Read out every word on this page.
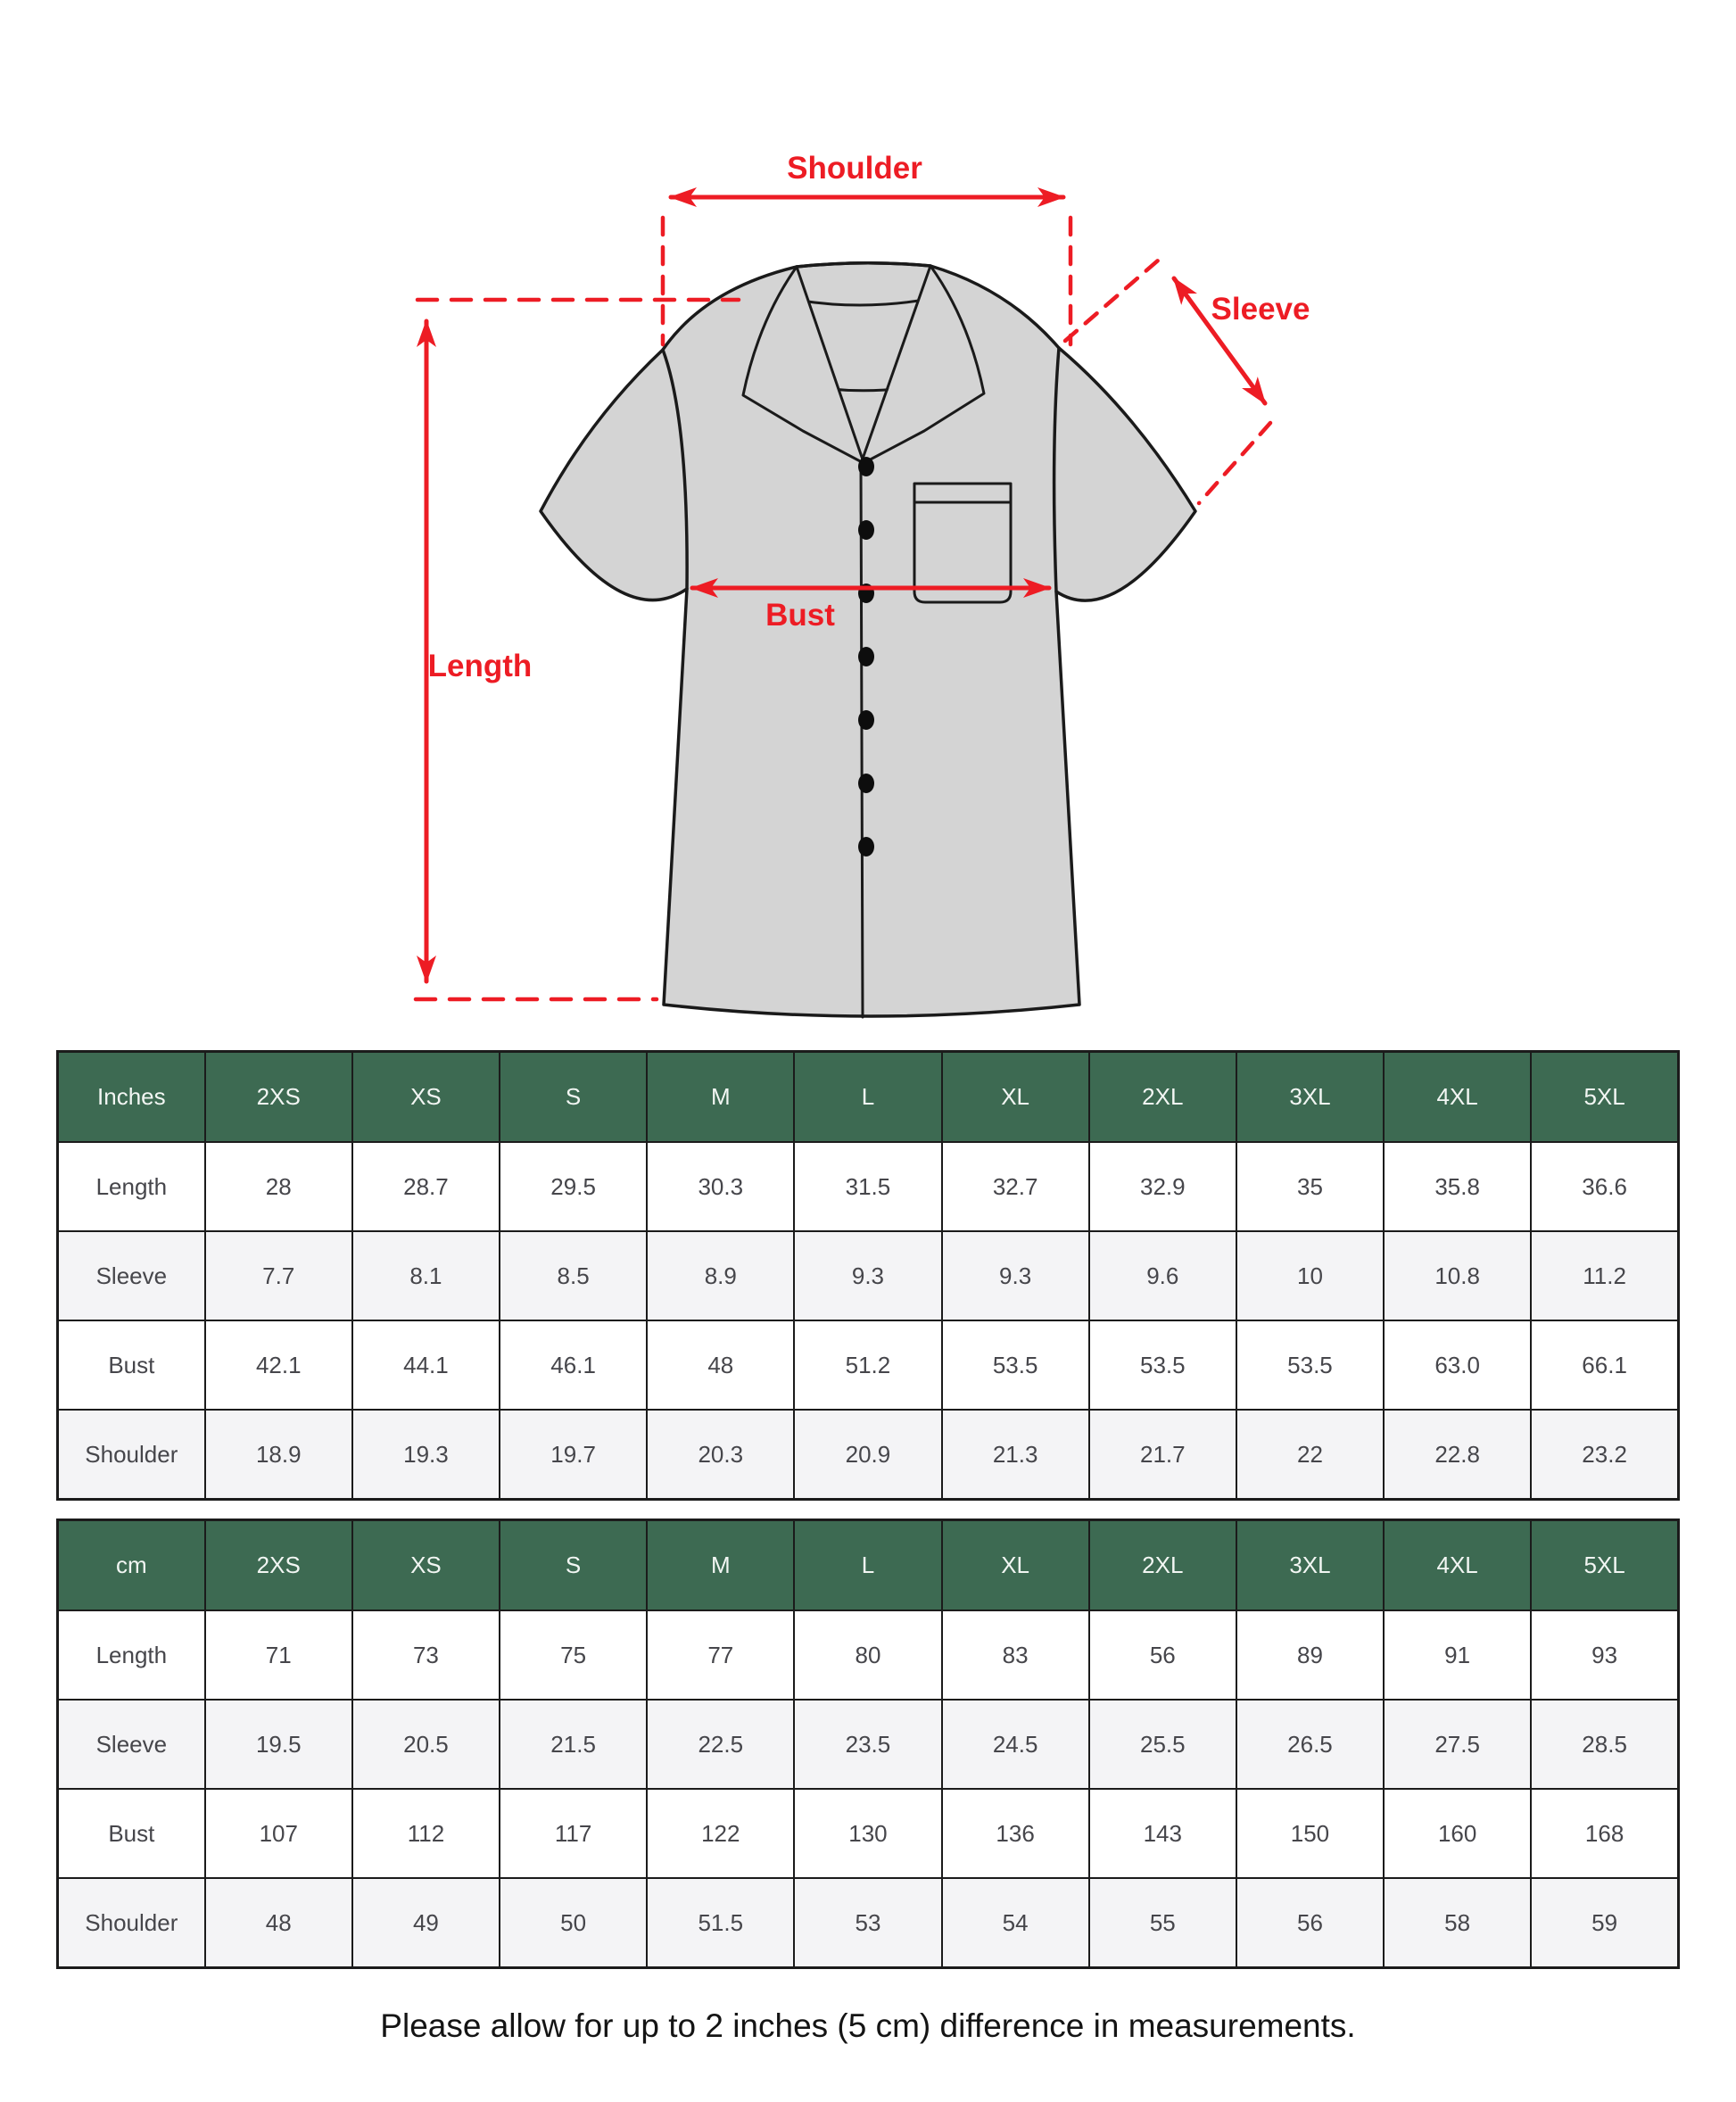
Shoulder
Sleeve
Length
Bust
Inches	2XS	XS	S	M	L	XL	2XL	3XL	4XL	5XL
Length	28	28.7	29.5	30.3	31.5	32.7	32.9	35	35.8	36.6
Sleeve	7.7	8.1	8.5	8.9	9.3	9.3	9.6	10	10.8	11.2
Bust	42.1	44.1	46.1	48	51.2	53.5	53.5	53.5	63.0	66.1
Shoulder	18.9	19.3	19.7	20.3	20.9	21.3	21.7	22	22.8	23.2
cm	2XS	XS	S	M	L	XL	2XL	3XL	4XL	5XL
Length	71	73	75	77	80	83	56	89	91	93
Sleeve	19.5	20.5	21.5	22.5	23.5	24.5	25.5	26.5	27.5	28.5
Bust	107	112	117	122	130	136	143	150	160	168
Shoulder	48	49	50	51.5	53	54	55	56	58	59
Please allow for up to 2 inches (5 cm) difference in measurements.
